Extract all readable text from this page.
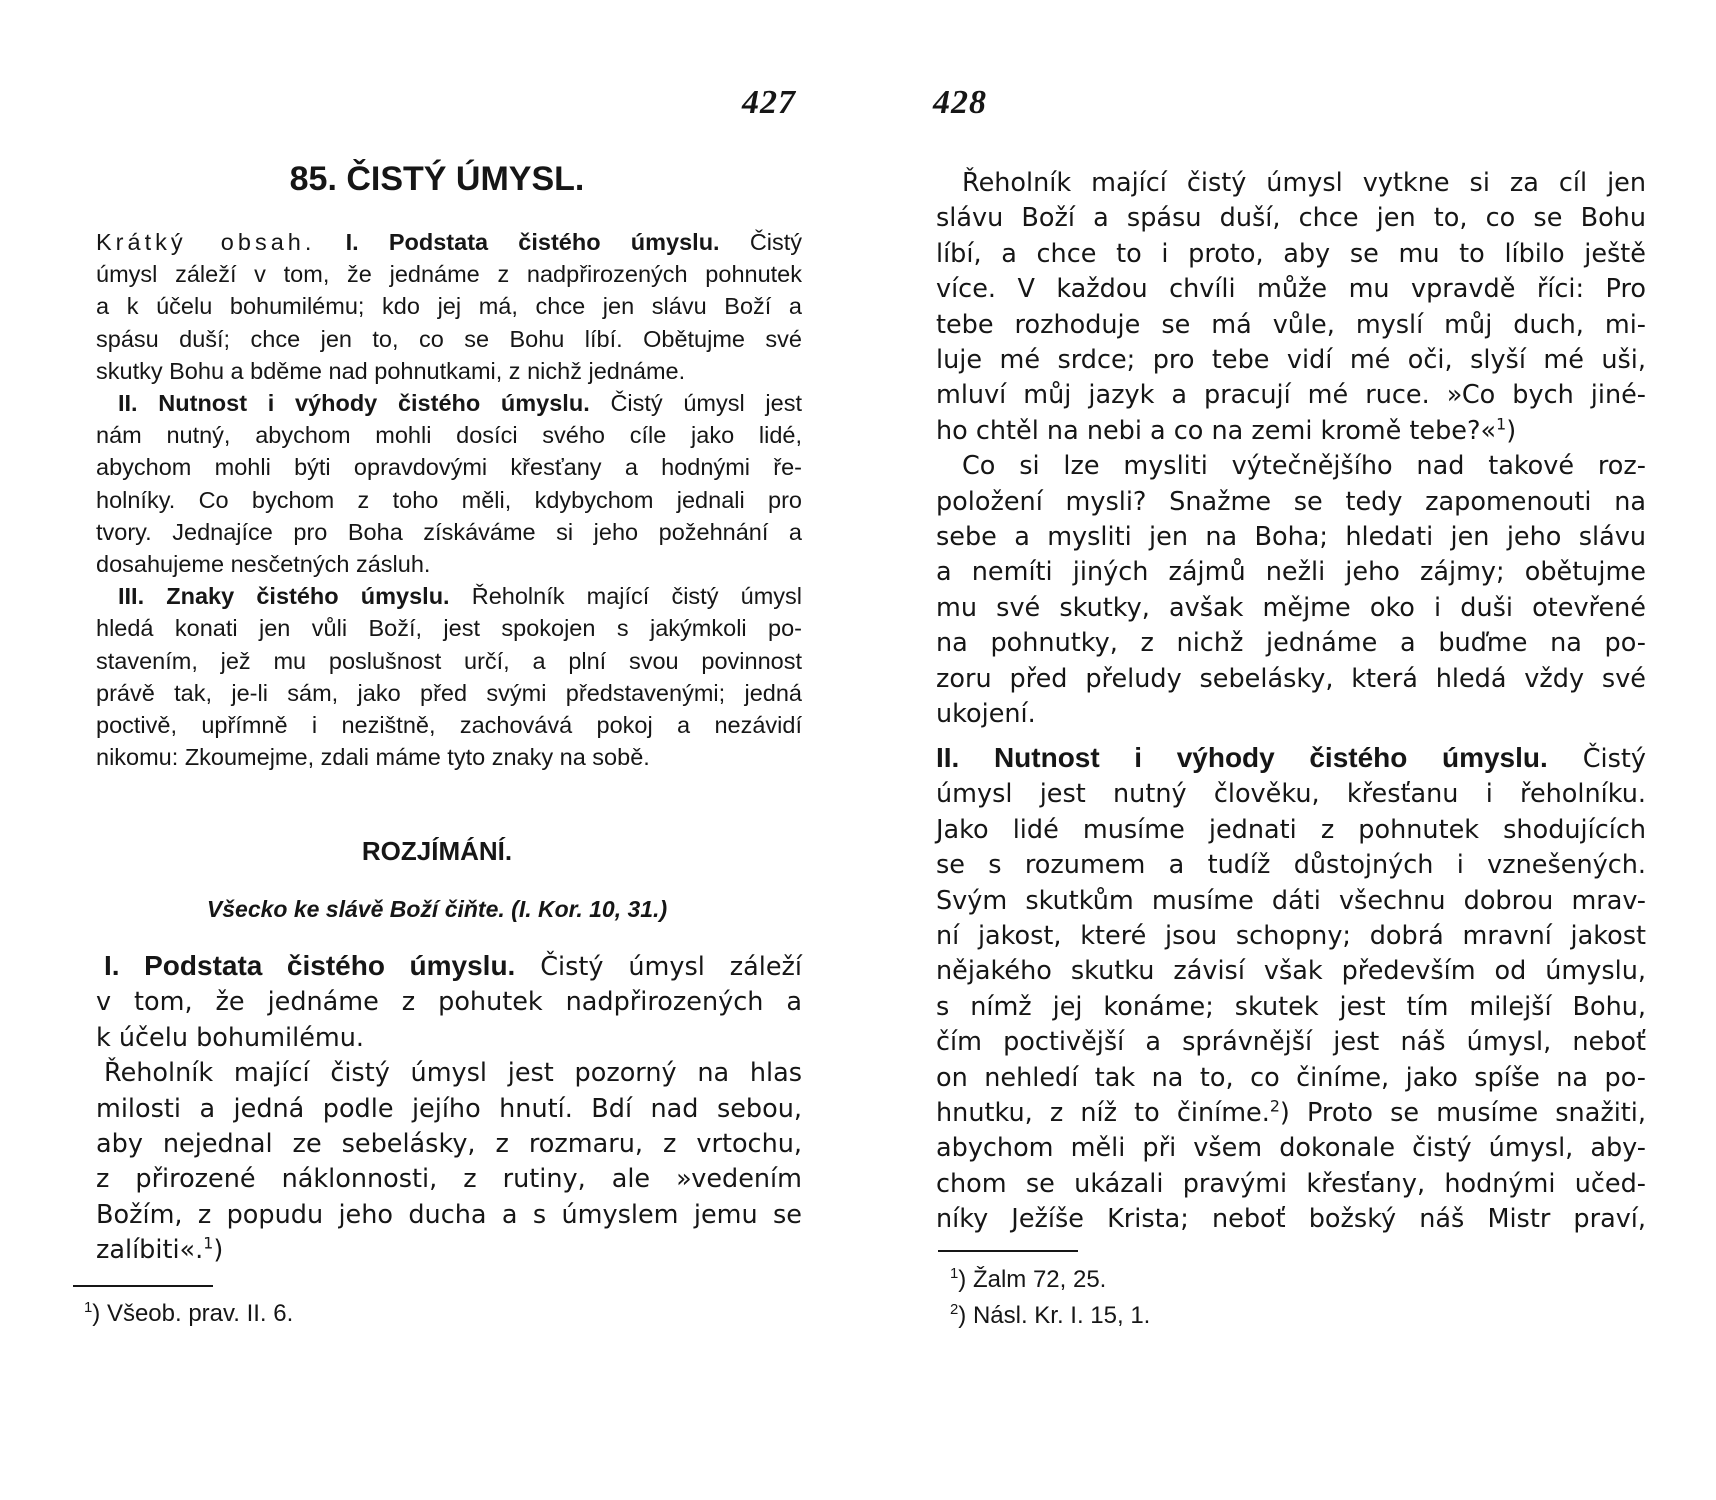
427
85. ČISTÝ ÚMYSL.
Krátký obsah. I. Podstata čistého úmyslu. Čistý
úmysl záleží v tom, že jednáme z nadpřirozených pohnutek
a k účelu bohumilému; kdo jej má, chce jen slávu Boží a
spásu duší; chce jen to, co se Bohu líbí. Obětujme své
skutky Bohu a bděme nad pohnutkami, z nichž jednáme.
II. Nutnost i výhody čistého úmyslu. Čistý úmysl jest
nám nutný, abychom mohli dosíci svého cíle jako lidé,
abychom mohli býti opravdovými křesťany a hodnými ře-
holníky. Co bychom z toho měli, kdybychom jednali pro
tvory. Jednajíce pro Boha získáváme si jeho požehnání a
dosahujeme nesčetných zásluh.
III. Znaky čistého úmyslu. Řeholník mající čistý úmysl
hledá konati jen vůli Boží, jest spokojen s jakýmkoli po-
stavením, jež mu poslušnost určí, a plní svou povinnost
právě tak, je-li sám, jako před svými představenými; jedná
poctivě, upřímně i nezištně, zachovává pokoj a nezávidí
nikomu: Zkoumejme, zdali máme tyto znaky na sobě.
ROZJÍMÁNÍ.
Všecko ke slávě Boží čiňte. (I. Kor. 10, 31.)
I. Podstata čistého úmyslu. Čistý úmysl záleží
v tom, že jednáme z pohutek nadpřirozených a
k účelu bohumilému.
Řeholník mající čistý úmysl jest pozorný na hlas
milosti a jedná podle jejího hnutí. Bdí nad sebou,
aby nejednal ze sebelásky, z rozmaru, z vrtochu,
z přirozené náklonnosti, z rutiny, ale »vedením
Božím, z popudu jeho ducha a s úmyslem jemu se
zalíbiti«.$^1$)
$^1$) Všeob. prav. II. 6.
428
Řeholník mající čistý úmysl vytkne si za cíl jen
slávu Boží a spásu duší, chce jen to, co se Bohu
líbí, a chce to i proto, aby se mu to líbilo ještě
více. V každou chvíli může mu vpravdě říci: Pro
tebe rozhoduje se má vůle, myslí můj duch, mi-
luje mé srdce; pro tebe vidí mé oči, slyší mé uši,
mluví můj jazyk a pracují mé ruce. »Co bych jiné-
ho chtěl na nebi a co na zemi kromě tebe?«$^1$)
Co si lze mysliti výtečnějšího nad takové roz-
položení mysli? Snažme se tedy zapomenouti na
sebe a mysliti jen na Boha; hledati jen jeho slávu
a nemíti jiných zájmů nežli jeho zájmy; obětujme
mu své skutky, avšak mějme oko i duši otevřené
na pohnutky, z nichž jednáme a buďme na po-
zoru před přeludy sebelásky, která hledá vždy své
ukojení.
II. Nutnost i výhody čistého úmyslu. Čistý
úmysl jest nutný člověku, křesťanu i řeholníku.
Jako lidé musíme jednati z pohnutek shodujících
se s rozumem a tudíž důstojných i vznešených.
Svým skutkům musíme dáti všechnu dobrou mrav-
ní jakost, které jsou schopny; dobrá mravní jakost
nějakého skutku závisí však především od úmyslu,
s nímž jej konáme; skutek jest tím milejší Bohu,
čím poctivější a správnější jest náš úmysl, neboť
on nehledí tak na to, co činíme, jako spíše na po-
hnutku, z níž to činíme.$^2$) Proto se musíme snažiti,
abychom měli při všem dokonale čistý úmysl, aby-
chom se ukázali pravými křesťany, hodnými učed-
níky Ježíše Krista; neboť božský náš Mistr praví,
$^1$) Žalm 72, 25.
$^2$) Násl. Kr. I. 15, 1.
